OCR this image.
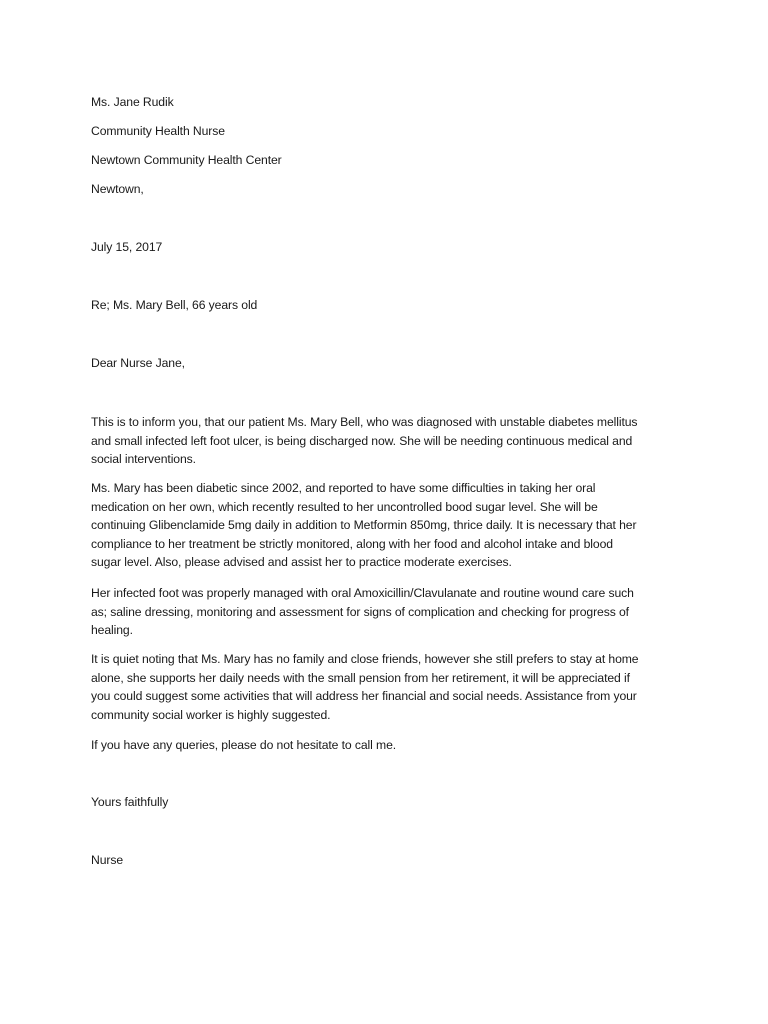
Ms. Jane Rudik
Community Health Nurse
Newtown Community Health Center
Newtown,
July 15, 2017
Re; Ms. Mary Bell, 66 years old
Dear Nurse Jane,
This is to inform you, that our patient Ms. Mary Bell, who was diagnosed with unstable diabetes mellitus
and small infected left foot ulcer, is being discharged now. She will be needing continuous medical and
social interventions.
Ms. Mary has been diabetic since 2002, and reported to have some difficulties in taking her oral
medication on her own, which recently resulted to her uncontrolled bood sugar level. She will be
continuing Glibenclamide 5mg daily in addition to Metformin 850mg, thrice daily. It is necessary that her
compliance to her treatment be strictly monitored, along with her food and alcohol intake and blood
sugar level. Also, please advised and assist her to practice moderate exercises.
Her infected foot was properly managed with oral Amoxicillin/Clavulanate and routine wound care such
as; saline dressing, monitoring and assessment for signs of complication and checking for progress of
healing.
It is quiet noting that Ms. Mary has no family and close friends, however she still prefers to stay at home
alone, she supports her daily needs with the small pension from her retirement, it will be appreciated if
you could suggest some activities that will address her financial and social needs. Assistance from your
community social worker is highly suggested.
If you have any queries, please do not hesitate to call me.
Yours faithfully
Nurse
